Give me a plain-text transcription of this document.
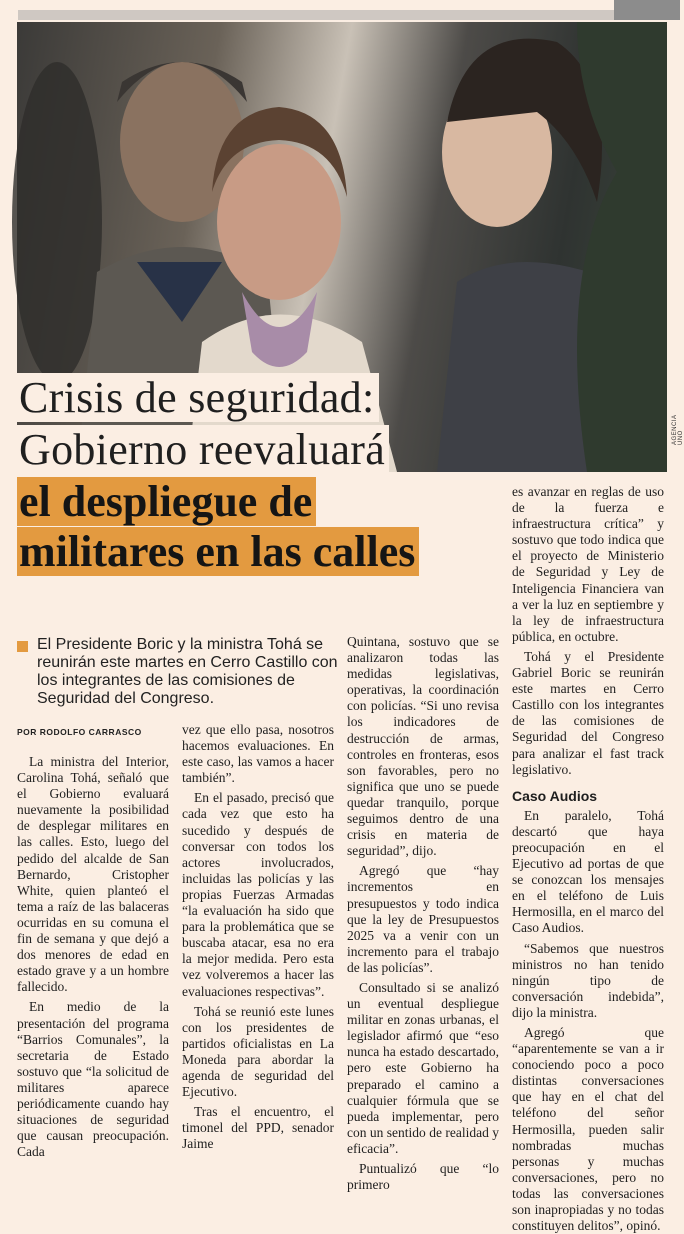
AGENCIA UNO
Crisis de seguridad:
Gobierno reevaluará
el despliegue de
militares en las calles

El Presidente Boric y la ministra Tohá se reunirán este martes en Cerro Castillo con los integrantes de las comisiones de Seguridad del Congreso.

POR RODOLFO CARRASCO

La ministra del Interior, Carolina Tohá, señaló que el Gobierno evaluará nuevamente la posibilidad de desplegar militares en las calles. Esto, luego del pedido del alcalde de San Bernardo, Cristopher White, quien planteó el tema a raíz de las balaceras ocurridas en su comuna el fin de semana y que dejó a dos menores de edad en estado grave y a un hombre fallecido.

En medio de la presentación del programa “Barrios Comunales”, la secretaria de Estado sostuvo que “la solicitud de militares aparece periódicamente cuando hay situaciones de seguridad que causan preocupación. Cada

vez que ello pasa, nosotros hacemos evaluaciones. En este caso, las vamos a hacer también”.

En el pasado, precisó que cada vez que esto ha sucedido y después de conversar con todos los actores involucrados, incluidas las policías y las propias Fuerzas Armadas “la evaluación ha sido que para la problemática que se buscaba atacar, esa no era la mejor medida. Pero esta vez volveremos a hacer las evaluaciones respectivas”.

Tohá se reunió este lunes con los presidentes de partidos oficialistas en La Moneda para abordar la agenda de seguridad del Ejecutivo.

Tras el encuentro, el timonel del PPD, senador Jaime

Quintana, sostuvo que se analizaron todas las medidas legislativas, operativas, la coordinación con policías. “Si uno revisa los indicadores de destrucción de armas, controles en fronteras, esos son favorables, pero no significa que uno se puede quedar tranquilo, porque seguimos dentro de una crisis en materia de seguridad”, dijo.

Agregó que “hay incrementos en presupuestos y todo indica que la ley de Presupuestos 2025 va a venir con un incremento para el trabajo de las policías”.

Consultado si se analizó un eventual despliegue militar en zonas urbanas, el legislador afirmó que “eso nunca ha estado descartado, pero este Gobierno ha preparado el camino a cualquier fórmula que se pueda implementar, pero con un sentido de realidad y eficacia”.

Puntualizó que “lo primero

es avanzar en reglas de uso de la fuerza e infraestructura crítica” y sostuvo que todo indica que el proyecto de Ministerio de Seguridad y Ley de Inteligencia Financiera van a ver la luz en septiembre y la ley de infraestructura pública, en octubre.

Tohá y el Presidente Gabriel Boric se reunirán este martes en Cerro Castillo con los integrantes de las comisiones de Seguridad del Congreso para analizar el fast track legislativo.

Caso Audios

En paralelo, Tohá descartó que haya preocupación en el Ejecutivo ad portas de que se conozcan los mensajes en el teléfono de Luis Hermosilla, en el marco del Caso Audios.

“Sabemos que nuestros ministros no han tenido ningún tipo de conversación indebida”, dijo la ministra.

Agregó que “aparentemente se van a ir conociendo poco a poco distintas conversaciones que hay en el chat del teléfono del señor Hermosilla, pueden salir nombradas muchas personas y muchas conversaciones, pero no todas las conversaciones son inapropiadas y no todas constituyen delitos”, opinó.
